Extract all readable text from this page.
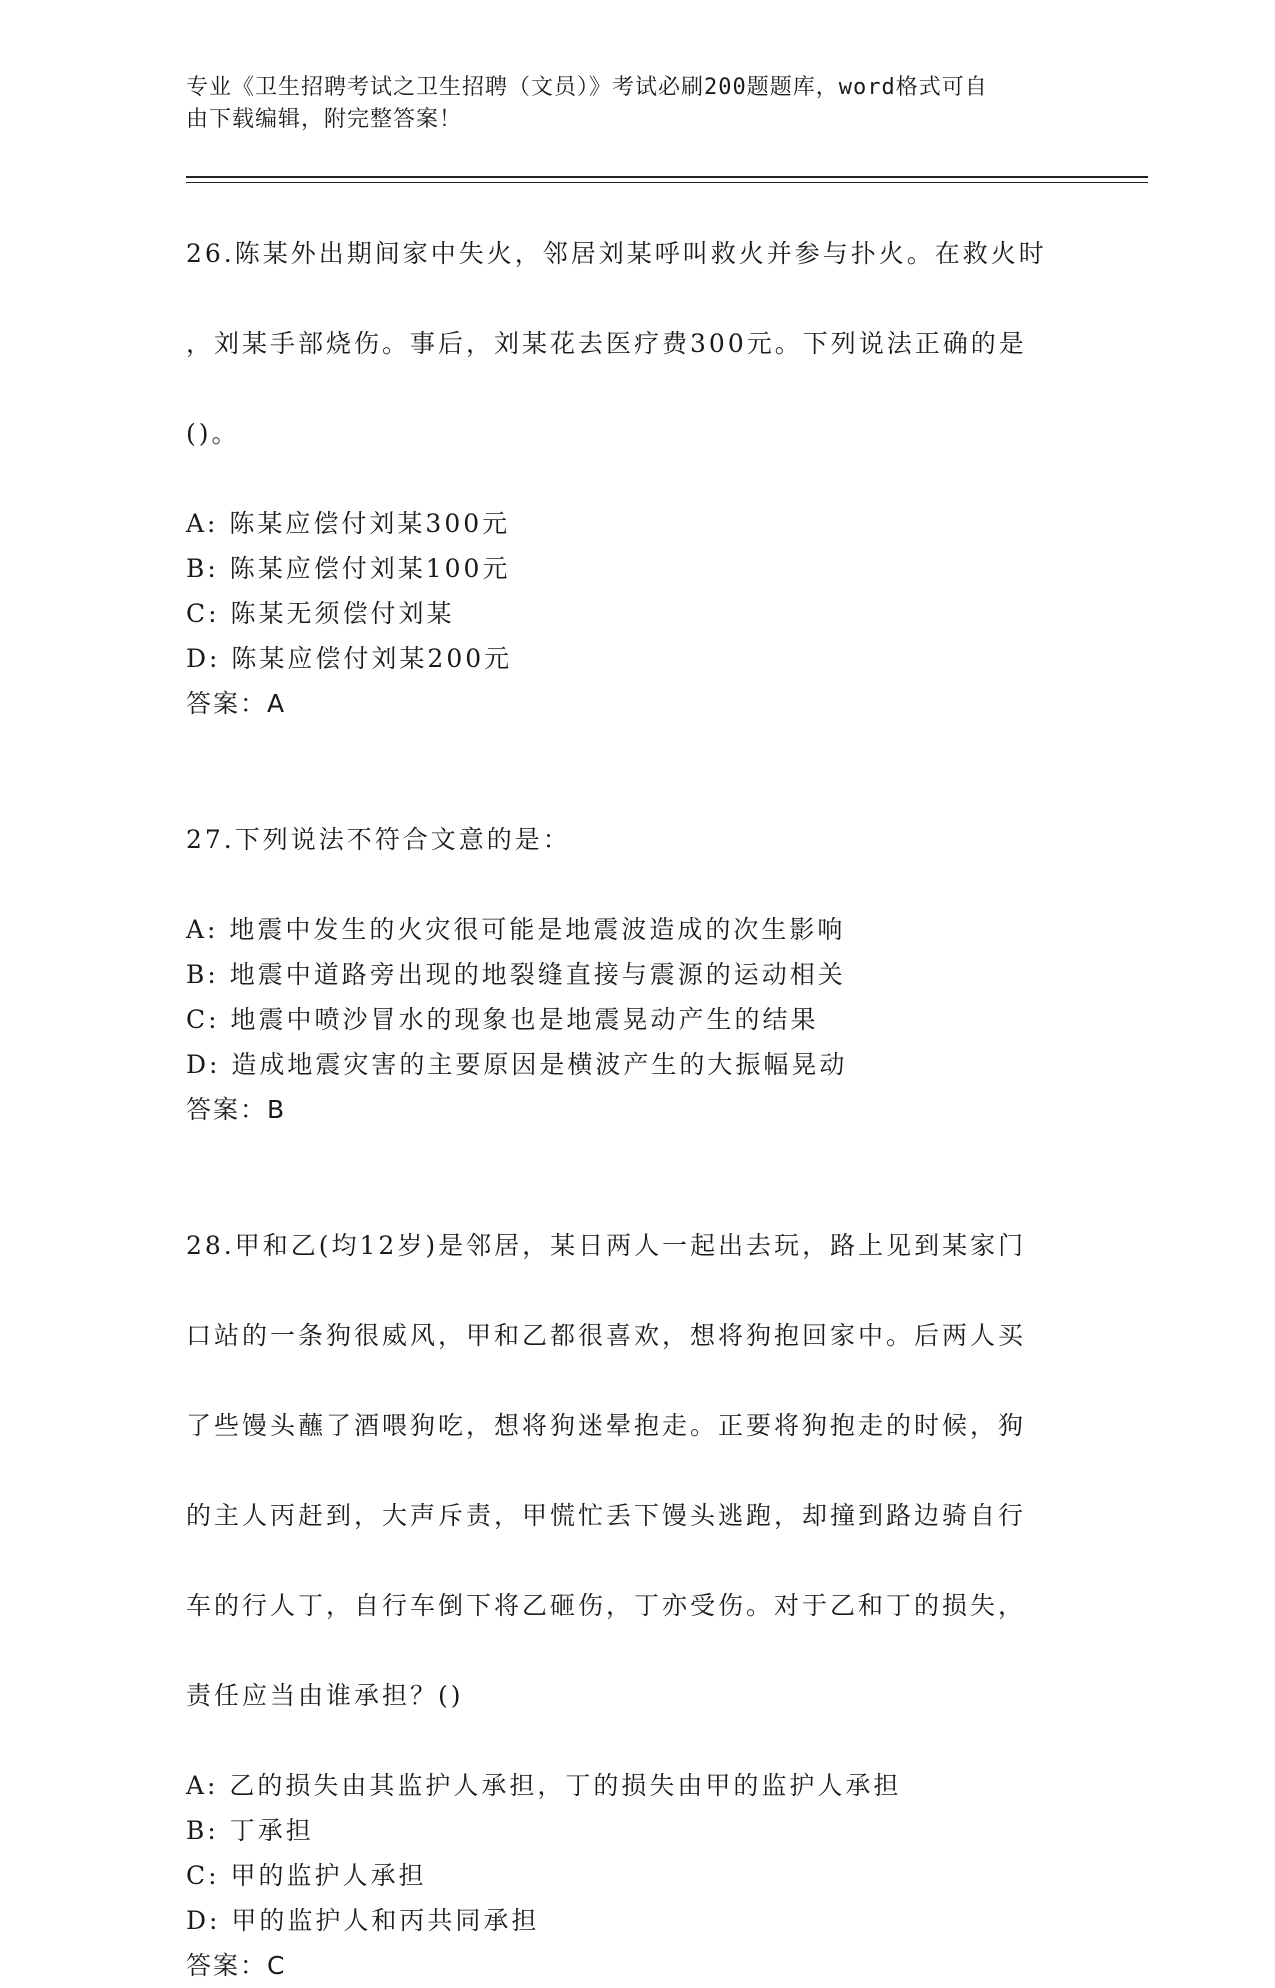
专业《卫生招聘考试之卫生招聘（文员）》考试必刷200题题库，word格式可自
由下载编辑，附完整答案！

26.陈某外出期间家中失火，邻居刘某呼叫救火并参与扑火。在救火时

，刘某手部烧伤。事后，刘某花去医疗费300元。下列说法正确的是

()。

A: 陈某应偿付刘某300元
B: 陈某应偿付刘某100元
C: 陈某无须偿付刘某
D: 陈某应偿付刘某200元
答案：A

27.下列说法不符合文意的是：

A: 地震中发生的火灾很可能是地震波造成的次生影响
B: 地震中道路旁出现的地裂缝直接与震源的运动相关
C: 地震中喷沙冒水的现象也是地震晃动产生的结果
D: 造成地震灾害的主要原因是横波产生的大振幅晃动
答案：B

28.甲和乙(均12岁)是邻居，某日两人一起出去玩，路上见到某家门

口站的一条狗很威风，甲和乙都很喜欢，想将狗抱回家中。后两人买

了些馒头蘸了酒喂狗吃，想将狗迷晕抱走。正要将狗抱走的时候，狗

的主人丙赶到，大声斥责，甲慌忙丢下馒头逃跑，却撞到路边骑自行

车的行人丁，自行车倒下将乙砸伤，丁亦受伤。对于乙和丁的损失，

责任应当由谁承担？()

A: 乙的损失由其监护人承担，丁的损失由甲的监护人承担
B: 丁承担
C: 甲的监护人承担
D: 甲的监护人和丙共同承担
答案：C
